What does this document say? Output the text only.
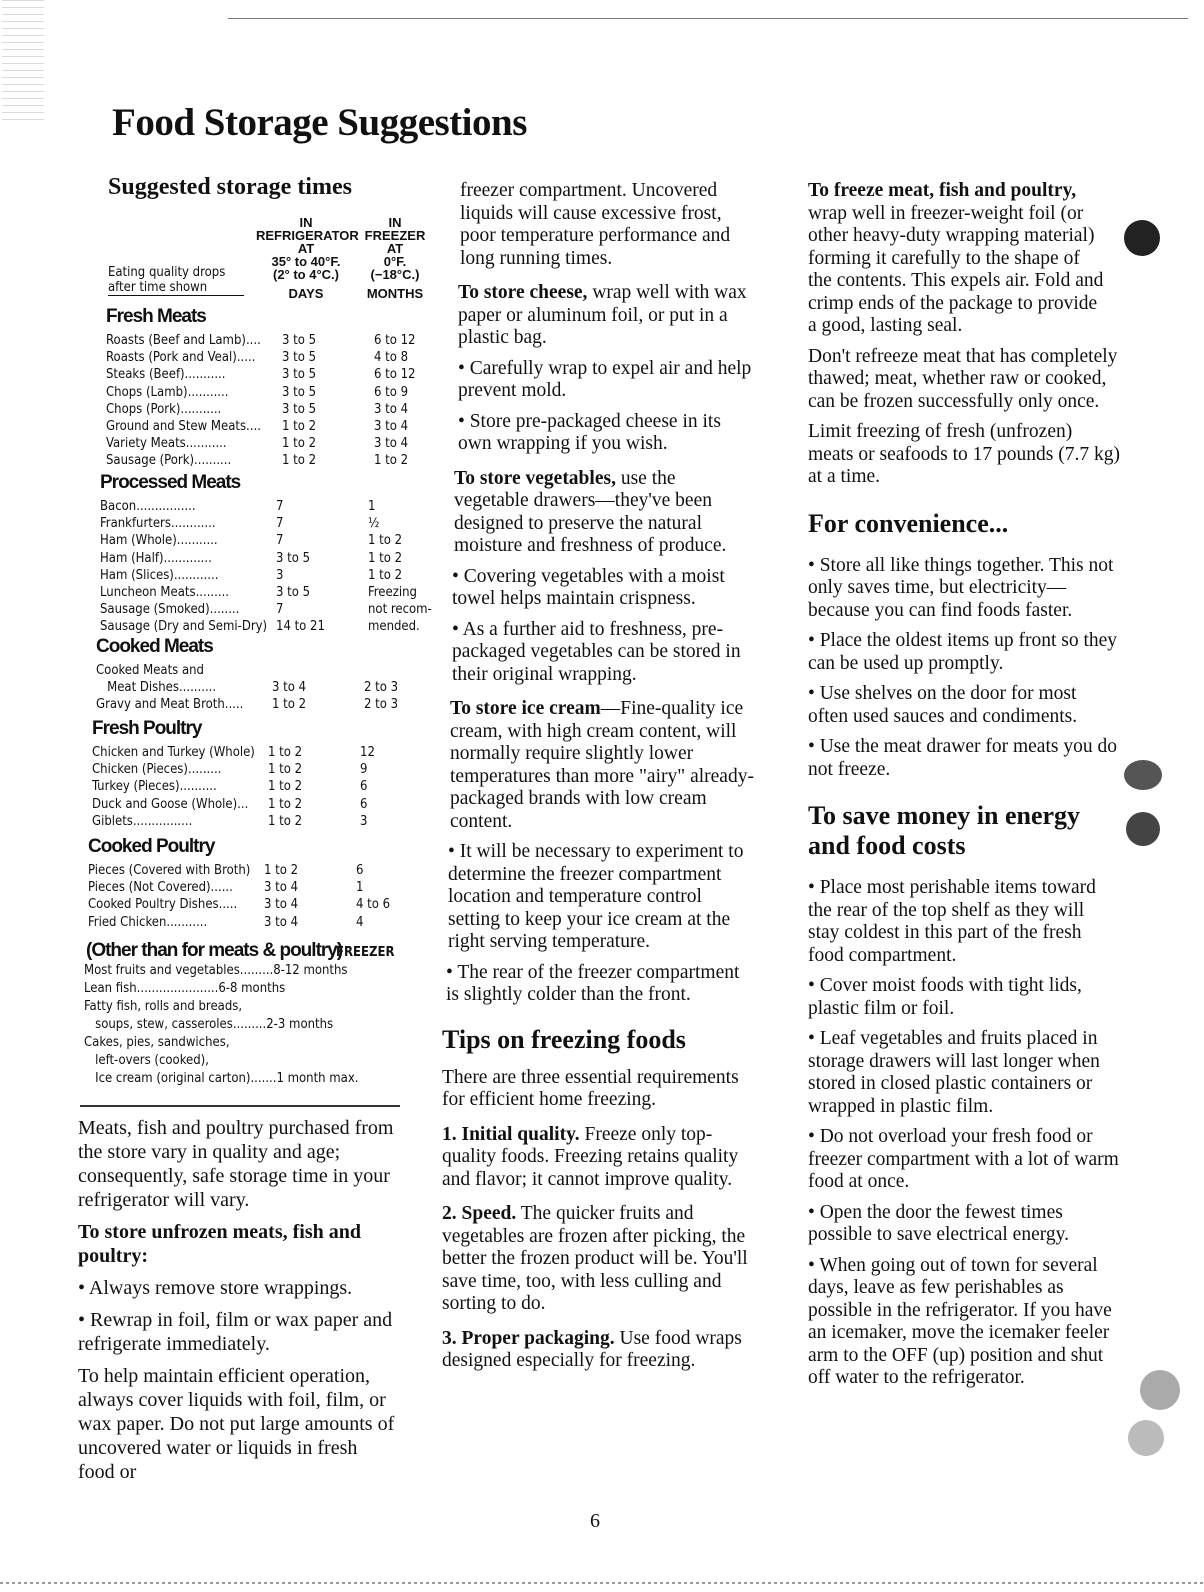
Food Storage Suggestions
Suggested storage times
IN
REFRIGERATOR
AT
35° to 40°F.
(2° to 4°C.)
DAYS
IN
FREEZER
AT
0°F.
(−18°C.)
MONTHS
Eating quality drops
after time shown
Fresh Meats
Roasts (Beef and Lamb).... 3 to 5	6 to 12
Roasts (Pork and Veal)..... 3 to 5	4 to 8
Steaks (Beef)...........	3 to 5	6 to 12
Chops (Lamb)...........	3 to 5	6 to 9
Chops (Pork)...........	3 to 5	3 to 4
Ground and Stew Meats.... 1 to 2	3 to 4
Variety Meats...........	1 to 2	3 to 4
Sausage (Pork)..........	1 to 2	1 to 2
Processed Meats
Bacon................	7	1
Frankfurters............	7	½
Ham (Whole)...........	7	1 to 2
Ham (Half).............	3 to 5	1 to 2
Ham (Slices)............	3	1 to 2
Luncheon Meats.........	3 to 5	Freezing
Sausage (Smoked)........	7	not recom-
Sausage (Dry and Semi-Dry) 14 to 21	mended.
Cooked Meats
Cooked Meats and
Meat Dishes..........	3 to 4	2 to 3
Gravy and Meat Broth..... 1 to 2	2 to 3
Fresh Poultry
Chicken and Turkey (Whole) 1 to 2	12
Chicken (Pieces).........	1 to 2	9
Turkey (Pieces)..........	1 to 2	6
Duck and Goose (Whole)... 1 to 2	6
Giblets................	1 to 2	3
Cooked Poultry
Pieces (Covered with Broth) 1 to 2	6
Pieces (Not Covered)...... 3 to 4	1
Cooked Poultry Dishes..... 3 to 4	4 to 6
Fried Chicken...........	3 to 4	4
(Other than for meats & poultry)
FREEZER
Most fruits and vegetables.........8-12 months
Lean fish......................6-8 months
Fatty fish, rolls and breads,
soups, stew, casseroles.........2-3 months
Cakes, pies, sandwiches,
left-overs (cooked),
Ice cream (original carton).......1 month max.

Meats, fish and poultry purchased from the store vary in quality and age; consequently, safe storage time in your refrigerator will vary.

To store unfrozen meats, fish and poultry:

• Always remove store wrappings.

• Rewrap in foil, film or wax paper and refrigerate immediately.

To help maintain efficient operation, always cover liquids with foil, film, or wax paper. Do not put large amounts of uncovered water or liquids in fresh food or

freezer compartment. Uncovered liquids will cause excessive frost, poor temperature performance and long running times.

To store cheese, wrap well with wax paper or aluminum foil, or put in a plastic bag.

• Carefully wrap to expel air and help prevent mold.

• Store pre-packaged cheese in its own wrapping if you wish.

To store vegetables, use the vegetable drawers—they've been designed to preserve the natural moisture and freshness of produce.

• Covering vegetables with a moist towel helps maintain crispness.

• As a further aid to freshness, pre-packaged vegetables can be stored in their original wrapping.

To store ice cream—Fine-quality ice cream, with high cream content, will normally require slightly lower temperatures than more "airy" already-packaged brands with low cream content.

• It will be necessary to experiment to determine the freezer compartment location and temperature control setting to keep your ice cream at the right serving temperature.

• The rear of the freezer compartment is slightly colder than the front.

Tips on freezing foods

There are three essential requirements for efficient home freezing.

1. Initial quality. Freeze only top-quality foods. Freezing retains quality and flavor; it cannot improve quality.

2. Speed. The quicker fruits and vegetables are frozen after picking, the better the frozen product will be. You'll save time, too, with less culling and sorting to do.

3. Proper packaging. Use food wraps designed especially for freezing.

To freeze meat, fish and poultry, wrap well in freezer-weight foil (or other heavy-duty wrapping material) forming it carefully to the shape of the contents. This expels air. Fold and crimp ends of the package to provide a good, lasting seal.

Don't refreeze meat that has completely thawed; meat, whether raw or cooked, can be frozen successfully only once.

Limit freezing of fresh (unfrozen) meats or seafoods to 17 pounds (7.7 kg) at a time.

For convenience...

• Store all like things together. This not only saves time, but electricity—because you can find foods faster.

• Place the oldest items up front so they can be used up promptly.

• Use shelves on the door for most often used sauces and condiments.

• Use the meat drawer for meats you do not freeze.

To save money in energy and food costs

• Place most perishable items toward the rear of the top shelf as they will stay coldest in this part of the fresh food compartment.

• Cover moist foods with tight lids, plastic film or foil.

• Leaf vegetables and fruits placed in storage drawers will last longer when stored in closed plastic containers or wrapped in plastic film.

• Do not overload your fresh food or freezer compartment with a lot of warm food at once.

• Open the door the fewest times possible to save electrical energy.

• When going out of town for several days, leave as few perishables as possible in the refrigerator. If you have an icemaker, move the icemaker feeler arm to the OFF (up) position and shut off water to the refrigerator.

6
